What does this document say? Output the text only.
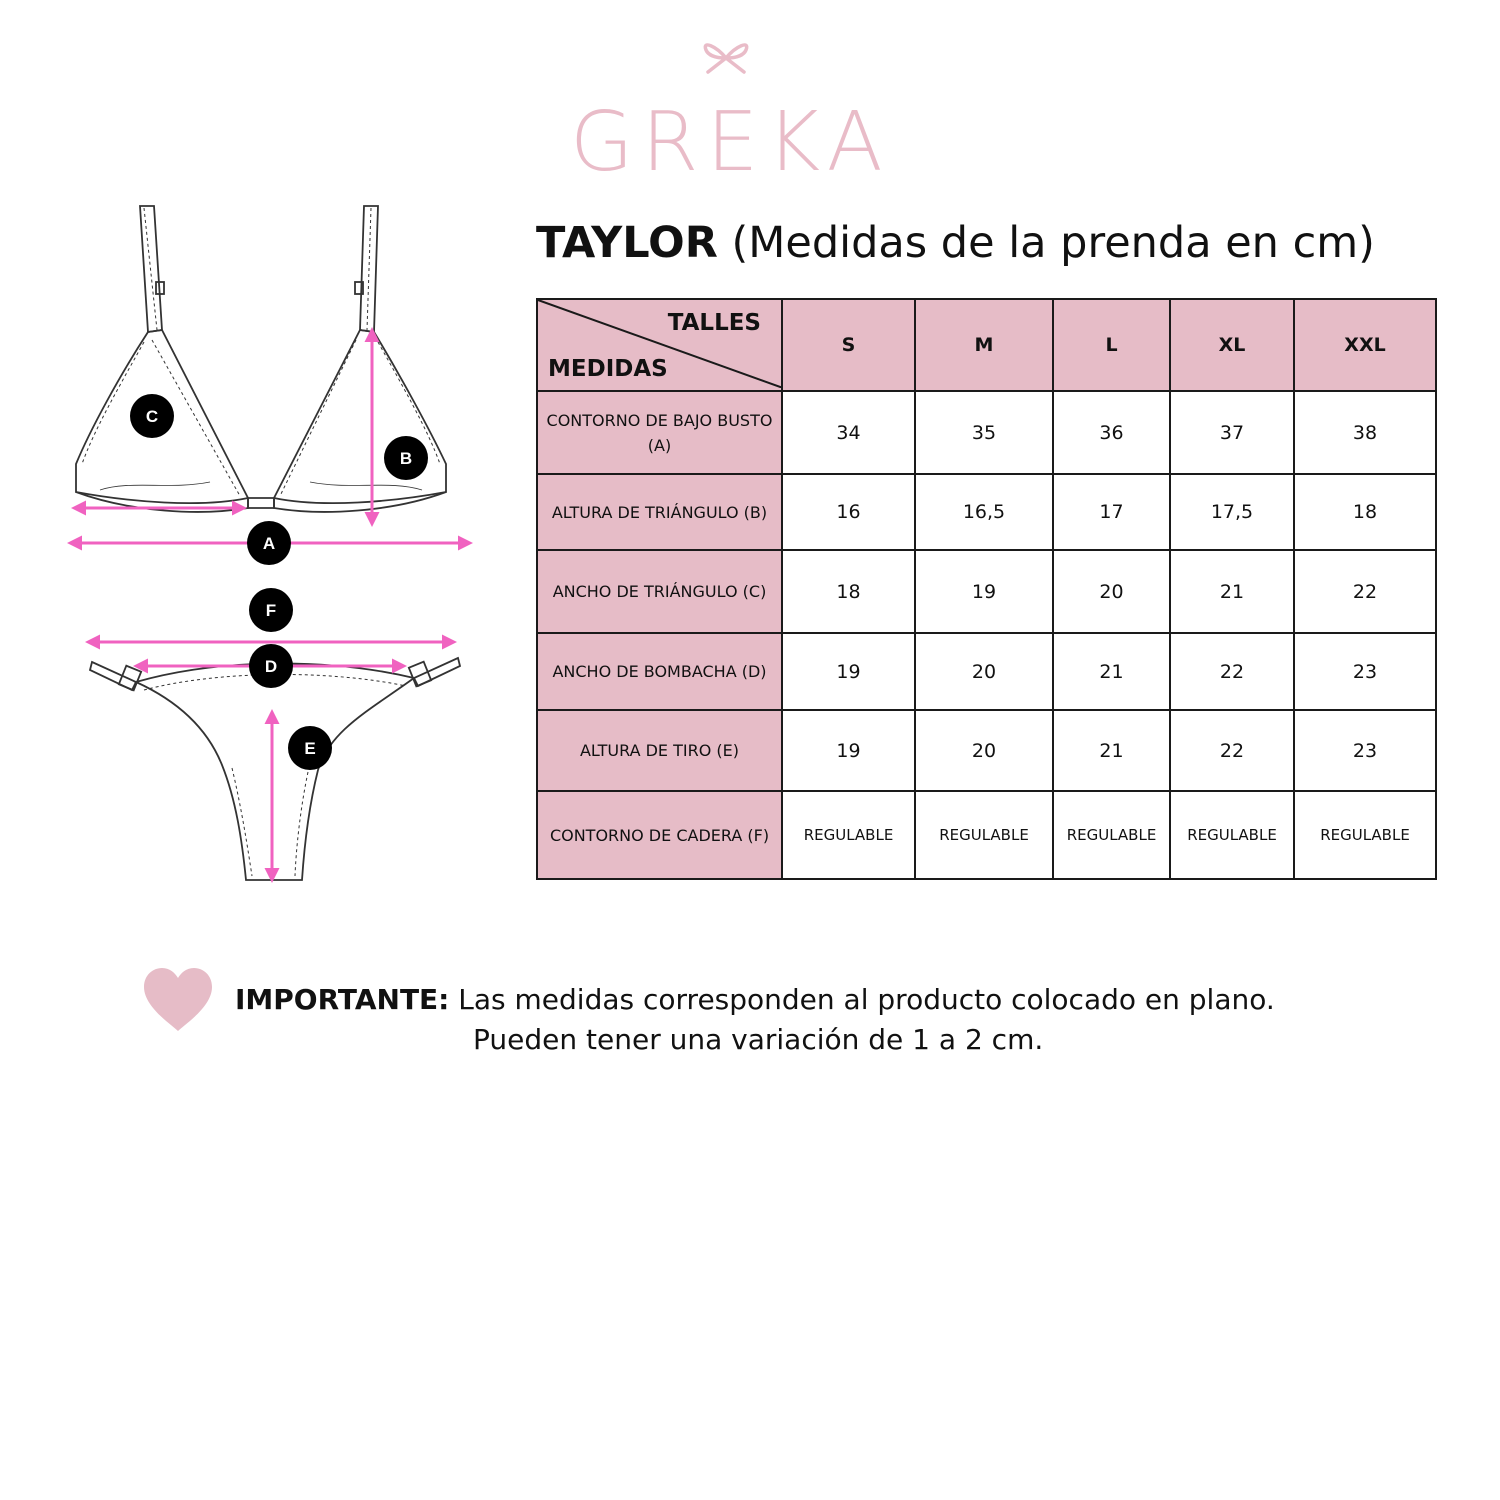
GREKA
C
B
A
F
D
E
TAYLOR (Medidas de la prenda en cm)
TALLES
MEDIDAS	S	M	L	XL	XXL
CONTORNO DE BAJO BUSTO (A)	34	35	36	37	38
ALTURA DE TRIÁNGULO (B)	16	16,5	17	17,5	18
ANCHO DE TRIÁNGULO (C)	18	19	20	21	22
ANCHO DE BOMBACHA (D)	19	20	21	22	23
ALTURA DE TIRO (E)	19	20	21	22	23
CONTORNO DE CADERA (F)	REGULABLE	REGULABLE	REGULABLE	REGULABLE	REGULABLE
IMPORTANTE: Las medidas corresponden al producto colocado en plano.
Pueden tener una variación de 1 a 2 cm.
